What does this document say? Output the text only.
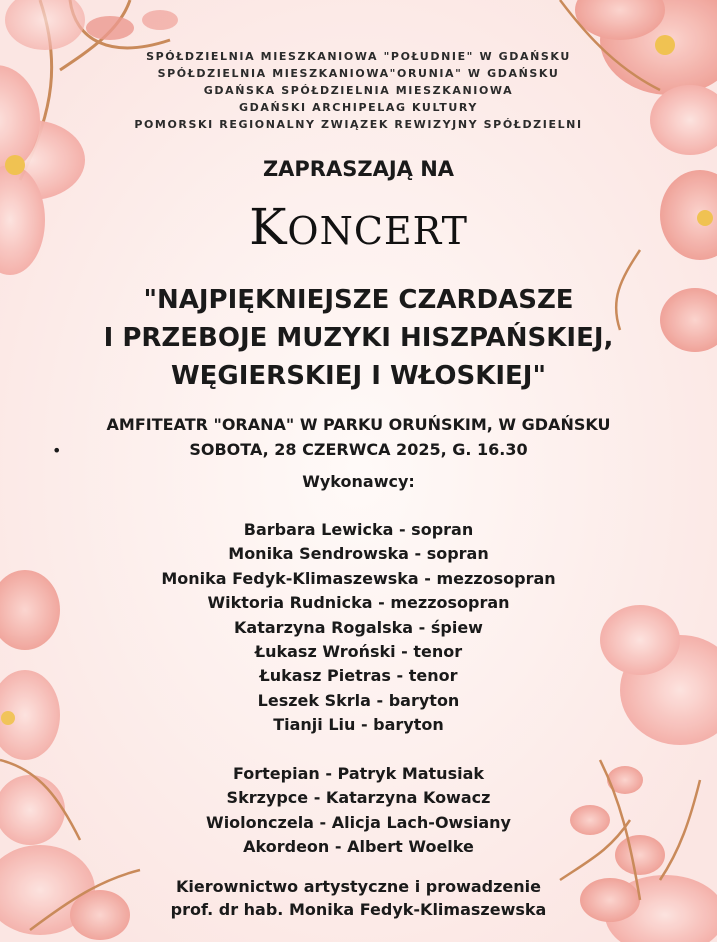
SPÓŁDZIELNIA MIESZKANIOWA "POŁUDNIE" W GDAŃSKU
SPÓŁDZIELNIA MIESZKANIOWA"ORUNIA" W GDAŃSKU
GDAŃSKA SPÓŁDZIELNIA MIESZKANIOWA
GDAŃSKI ARCHIPELAG KULTURY
POMORSKI REGIONALNY ZWIĄZEK REWIZYJNY SPÓŁDZIELNI
ZAPRASZAJĄ NA
KONCERT
"NAJPIĘKNIEJSZE CZARDASZE
I PRZEBOJE MUZYKI HISZPAŃSKIEJ,
WĘGIERSKIEJ I WŁOSKIEJ"
AMFITEATR "ORANA" W PARKU ORUŃSKIM, W GDAŃSKU
•	SOBOTA, 28 CZERWCA 2025, G. 16.30
Wykonawcy:
Barbara Lewicka - sopran
Monika Sendrowska - sopran
Monika Fedyk-Klimaszewska - mezzosopran
Wiktoria Rudnicka - mezzosopran
Katarzyna Rogalska - śpiew
Łukasz Wroński - tenor
Łukasz Pietras - tenor
Leszek Skrla - baryton
Tianji Liu - baryton
Fortepian - Patryk Matusiak
Skrzypce - Katarzyna Kowacz
Wiolonczela - Alicja Lach-Owsiany
Akordeon - Albert Woelke
Kierownictwo artystyczne i prowadzenie
prof. dr hab. Monika Fedyk-Klimaszewska
